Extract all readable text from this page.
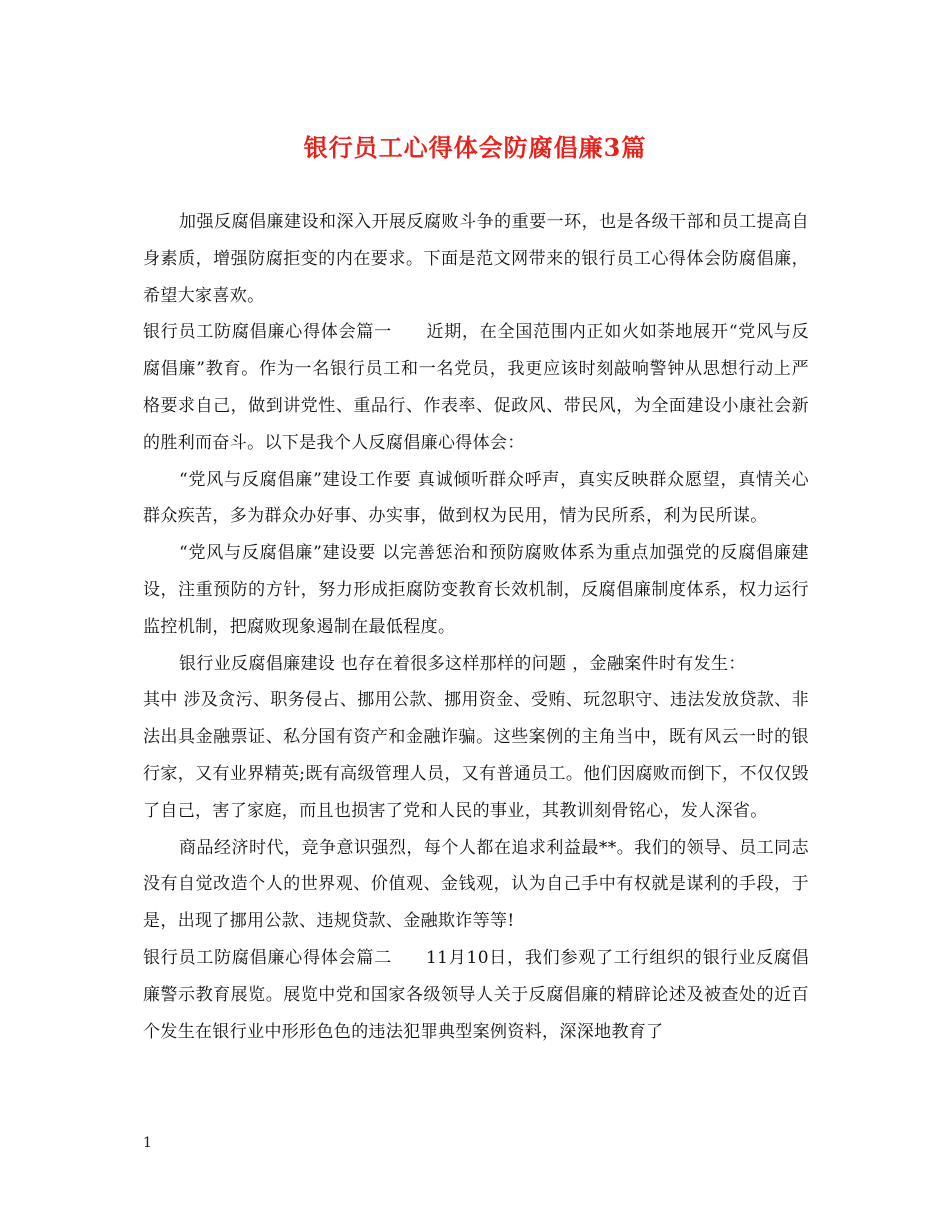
银行员工心得体会防腐倡廉3篇

加强反腐倡廉建设和深入开展反腐败斗争的重要一环，也是各级干部和员工提高自身素质，增强防腐拒变的内在要求。下面是范文网带来的银行员工心得体会防腐倡廉，希望大家喜欢。

银行员工防腐倡廉心得体会篇一 近期，在全国范围内正如火如荼地展开“党风与反腐倡廉”教育。作为一名银行员工和一名党员，我更应该时刻敲响警钟从思想行动上严格要求自己，做到讲党性、重品行、作表率、促政风、带民风，为全面建设小康社会新的胜利而奋斗。以下是我个人反腐倡廉心得体会：

“党风与反腐倡廉”建设工作要 真诚倾听群众呼声，真实反映群众愿望，真情关心群众疾苦，多为群众办好事、办实事，做到权为民用，情为民所系，利为民所谋。

“党风与反腐倡廉”建设要 以完善惩治和预防腐败体系为重点加强党的反腐倡廉建设，注重预防的方针，努力形成拒腐防变教育长效机制，反腐倡廉制度体系，权力运行监控机制，把腐败现象遏制在最低程度。

银行业反腐倡廉建设 也存在着很多这样那样的问题 ，金融案件时有发生：

其中 涉及贪污、职务侵占、挪用公款、挪用资金、受贿、玩忽职守、违法发放贷款、非法出具金融票证、私分国有资产和金融诈骗。这些案例的主角当中，既有风云一时的银行家，又有业界精英;既有高级管理人员，又有普通员工。他们因腐败而倒下，不仅仅毁了自己，害了家庭，而且也损害了党和人民的事业，其教训刻骨铭心，发人深省。

商品经济时代，竞争意识强烈，每个人都在追求利益最**。我们的领导、员工同志没有自觉改造个人的世界观、价值观、金钱观，认为自己手中有权就是谋利的手段，于是，出现了挪用公款、违规贷款、金融欺诈等等!

银行员工防腐倡廉心得体会篇二 11月10日，我们参观了工行组织的银行业反腐倡廉警示教育展览。展览中党和国家各级领导人关于反腐倡廉的精辟论述及被查处的近百个发生在银行业中形形色色的违法犯罪典型案例资料，深深地教育了

1
